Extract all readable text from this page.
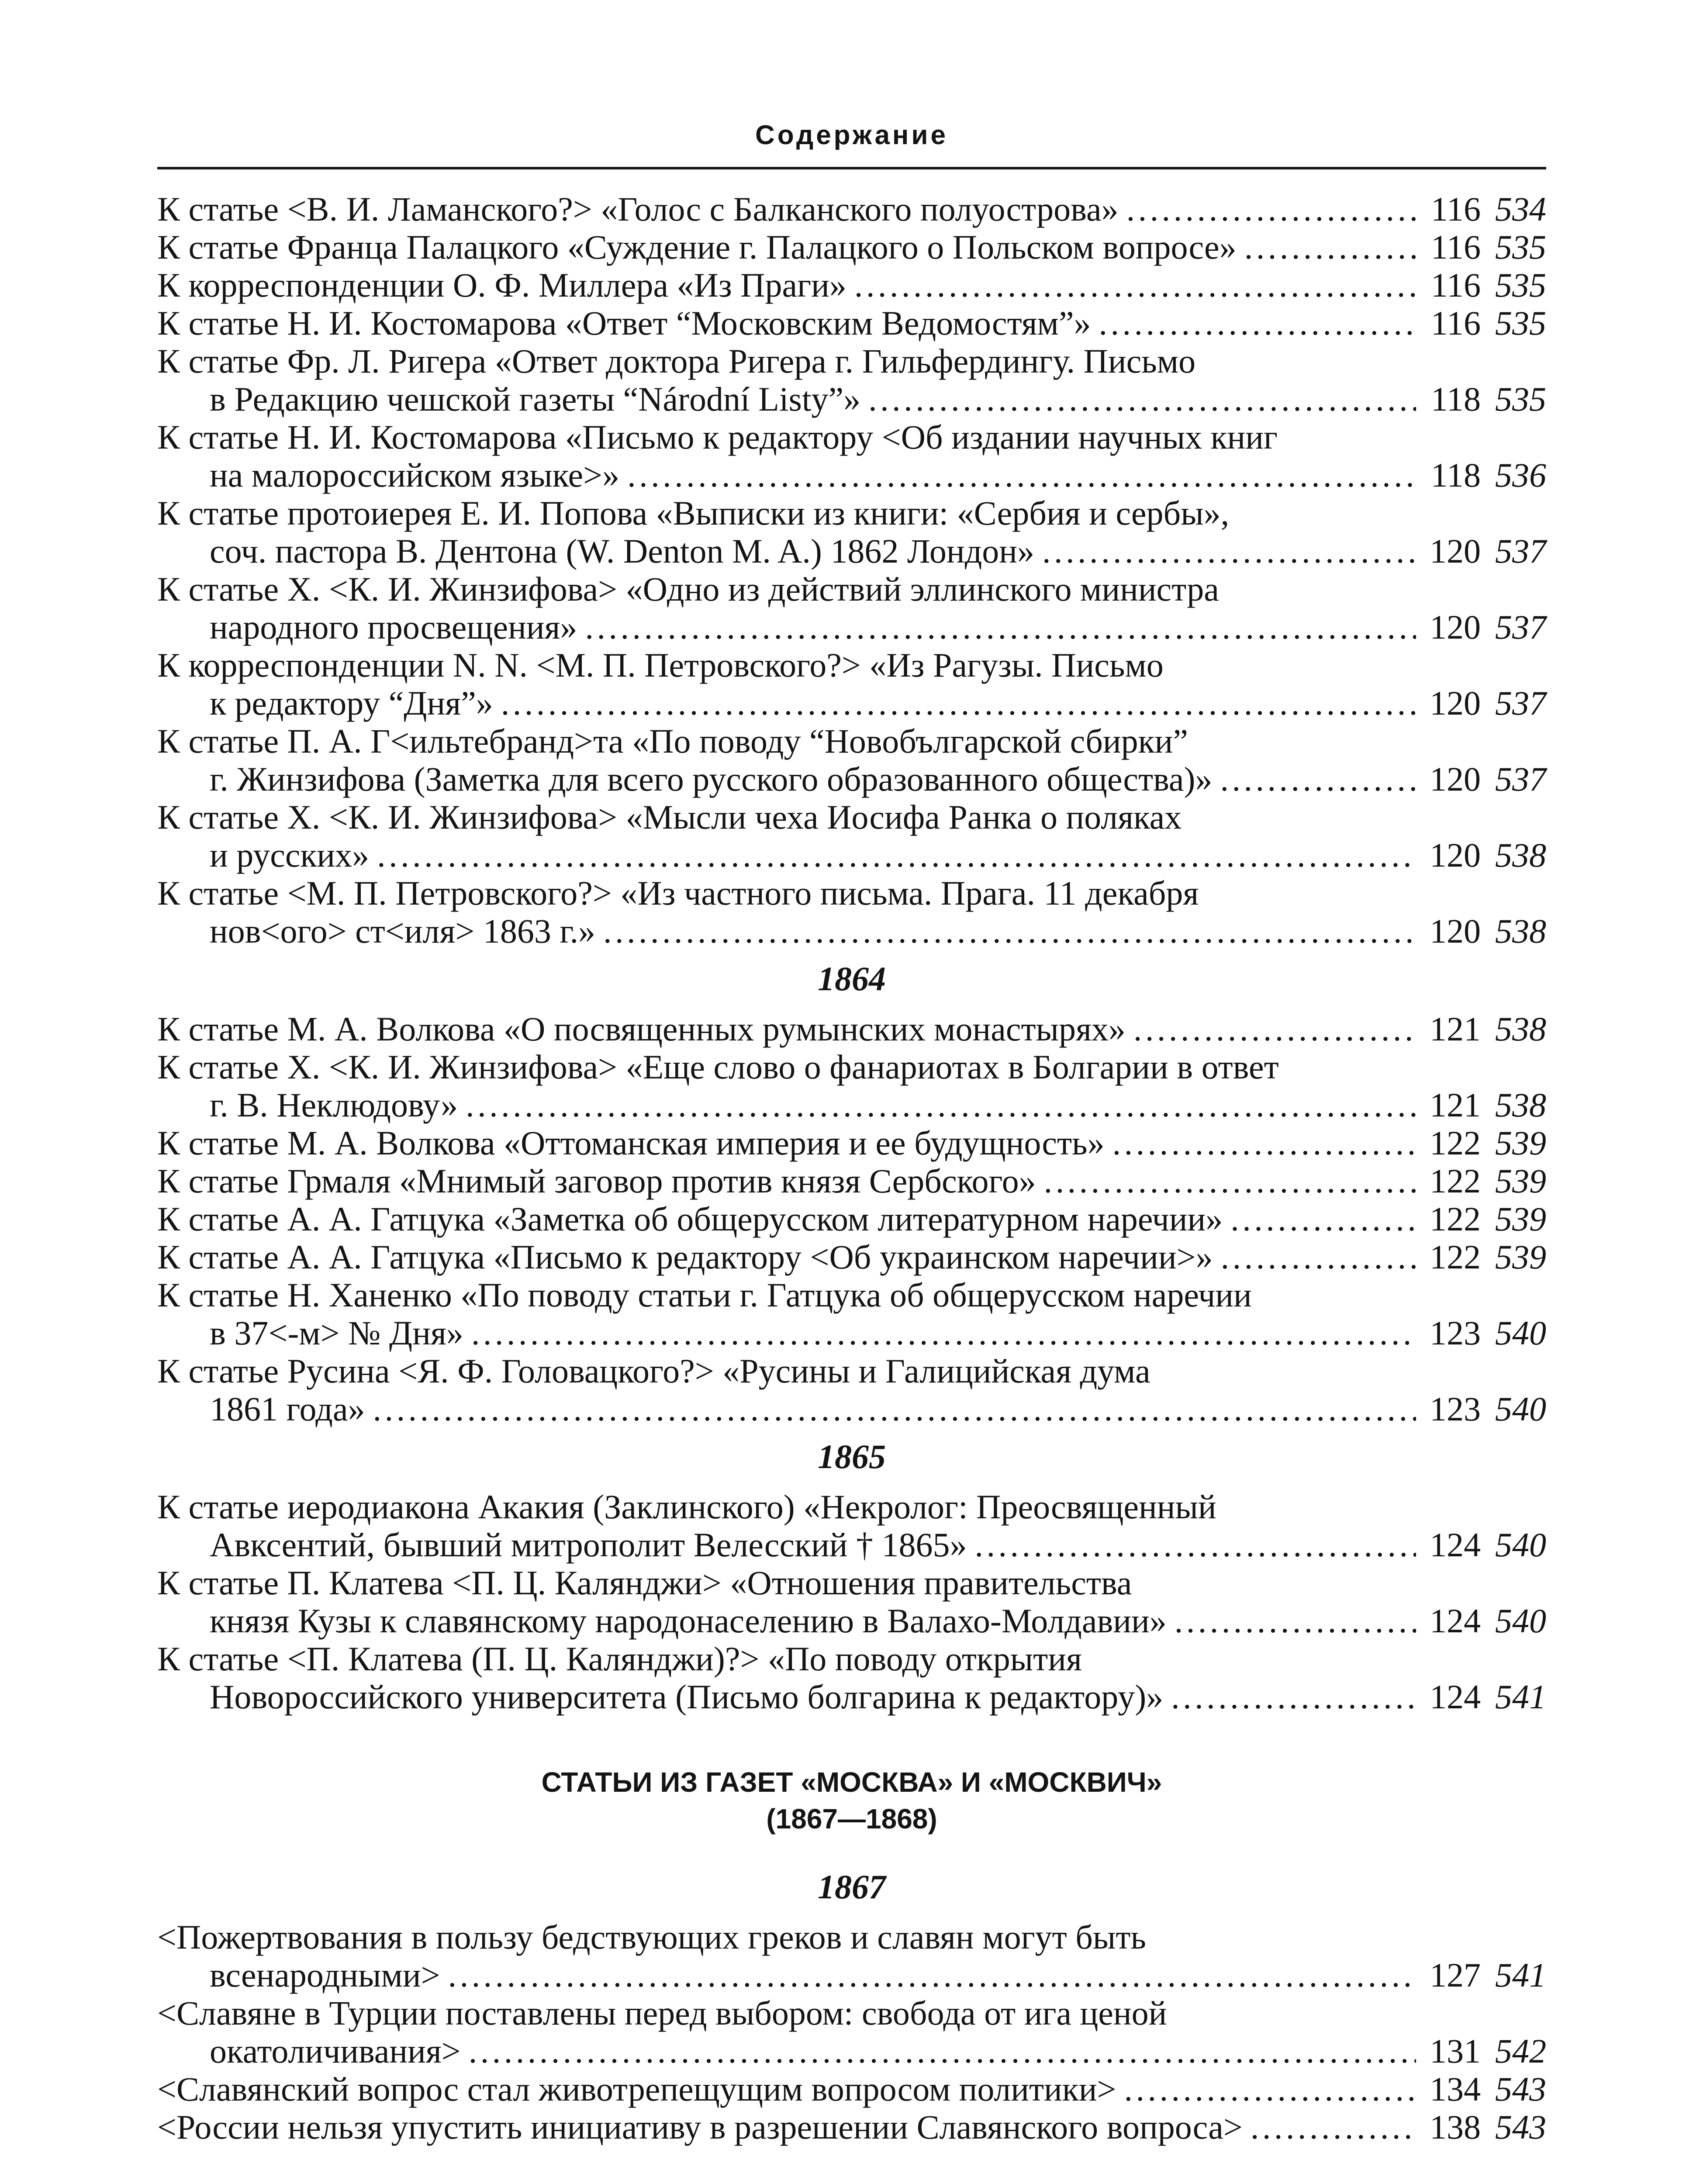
Содержание
К статье <В. И. Ламанского?> «Голос с Балканского полуострова» . . .	116 534
К статье Франца Палацкого «Суждение г. Палацкого о Польском вопросе» . . .	116 535
К корреспонденции О. Ф. Миллера «Из Праги» . . .	116 535
К статье Н. И. Костомарова «Ответ “Московским Ведомостям”» . . .	116 535
К статье Фр. Л. Ригера «Ответ доктора Ригера г. Гильфердингу. Письмо
в Редакцию чешской газеты “Národní Listy”» . . .	118 535
К статье Н. И. Костомарова «Письмо к редактору <Об издании научных книг
на малороссийском языке>» . . .	118 536
К статье протоиерея Е. И. Попова «Выписки из книги: «Сербия и сербы»,
соч. пастора В. Дентона (W. Denton M. A.) 1862 Лондон» . . .	120 537
К статье Х. <К. И. Жинзифова> «Одно из действий эллинского министра
народного просвещения» . . .	120 537
К корреспонденции N. N. <М. П. Петровского?> «Из Рагузы. Письмо
к редактору “Дня”» . . .	120 537
К статье П. А. Г<ильтебранд>та «По поводу “Новобългарской сбирки”
г. Жинзифова (Заметка для всего русского образованного общества)» . . .	120 537
К статье Х. <К. И. Жинзифова> «Мысли чеха Иосифа Ранка о поляках
и русских» . . .	120 538
К статье <М. П. Петровского?> «Из частного письма. Прага. 11 декабря
нов<ого> ст<иля> 1863 г.» . . .	120 538
1864
К статье М. А. Волкова «О посвященных румынских монастырях» . . .	121 538
К статье Х. <К. И. Жинзифова> «Еще слово о фанариотах в Болгарии в ответ
г. В. Неклюдову» . . .	121 538
К статье М. А. Волкова «Оттоманская империя и ее будущность» . . .	122 539
К статье Грмаля «Мнимый заговор против князя Сербского» . . .	122 539
К статье А. А. Гатцука «Заметка об общерусском литературном наречии» . . .	122 539
К статье А. А. Гатцука «Письмо к редактору <Об украинском наречии>» . . .	122 539
К статье Н. Ханенко «По поводу статьи г. Гатцука об общерусском наречии
в 37<-м> № Дня» . . .	123 540
К статье Русина <Я. Ф. Головацкого?> «Русины и Галицийская дума
1861 года» . . .	123 540
1865
К статье иеродиакона Акакия (Заклинского) «Некролог: Преосвященный
Авксентий, бывший митрополит Велесский † 1865» . . .	124 540
К статье П. Клатева <П. Ц. Калянджи> «Отношения правительства
князя Кузы к славянскому народонаселению в Валахо-Молдавии» . . .	124 540
К статье <П. Клатева (П. Ц. Калянджи)?> «По поводу открытия
Новороссийского университета (Письмо болгарина к редактору)» . . .	124 541
СТАТЬИ ИЗ ГАЗЕТ «МОСКВА» И «МОСКВИЧ»
(1867—1868)
1867
<Пожертвования в пользу бедствующих греков и славян могут быть
всенародными> . . .	127 541
<Славяне в Турции поставлены перед выбором: свобода от ига ценой
окатоличивания> . . .	131 542
<Славянский вопрос стал животрепещущим вопросом политики> . . .	134 543
<России нельзя упустить инициативу в разрешении Славянского вопроса> . . .	138 543
